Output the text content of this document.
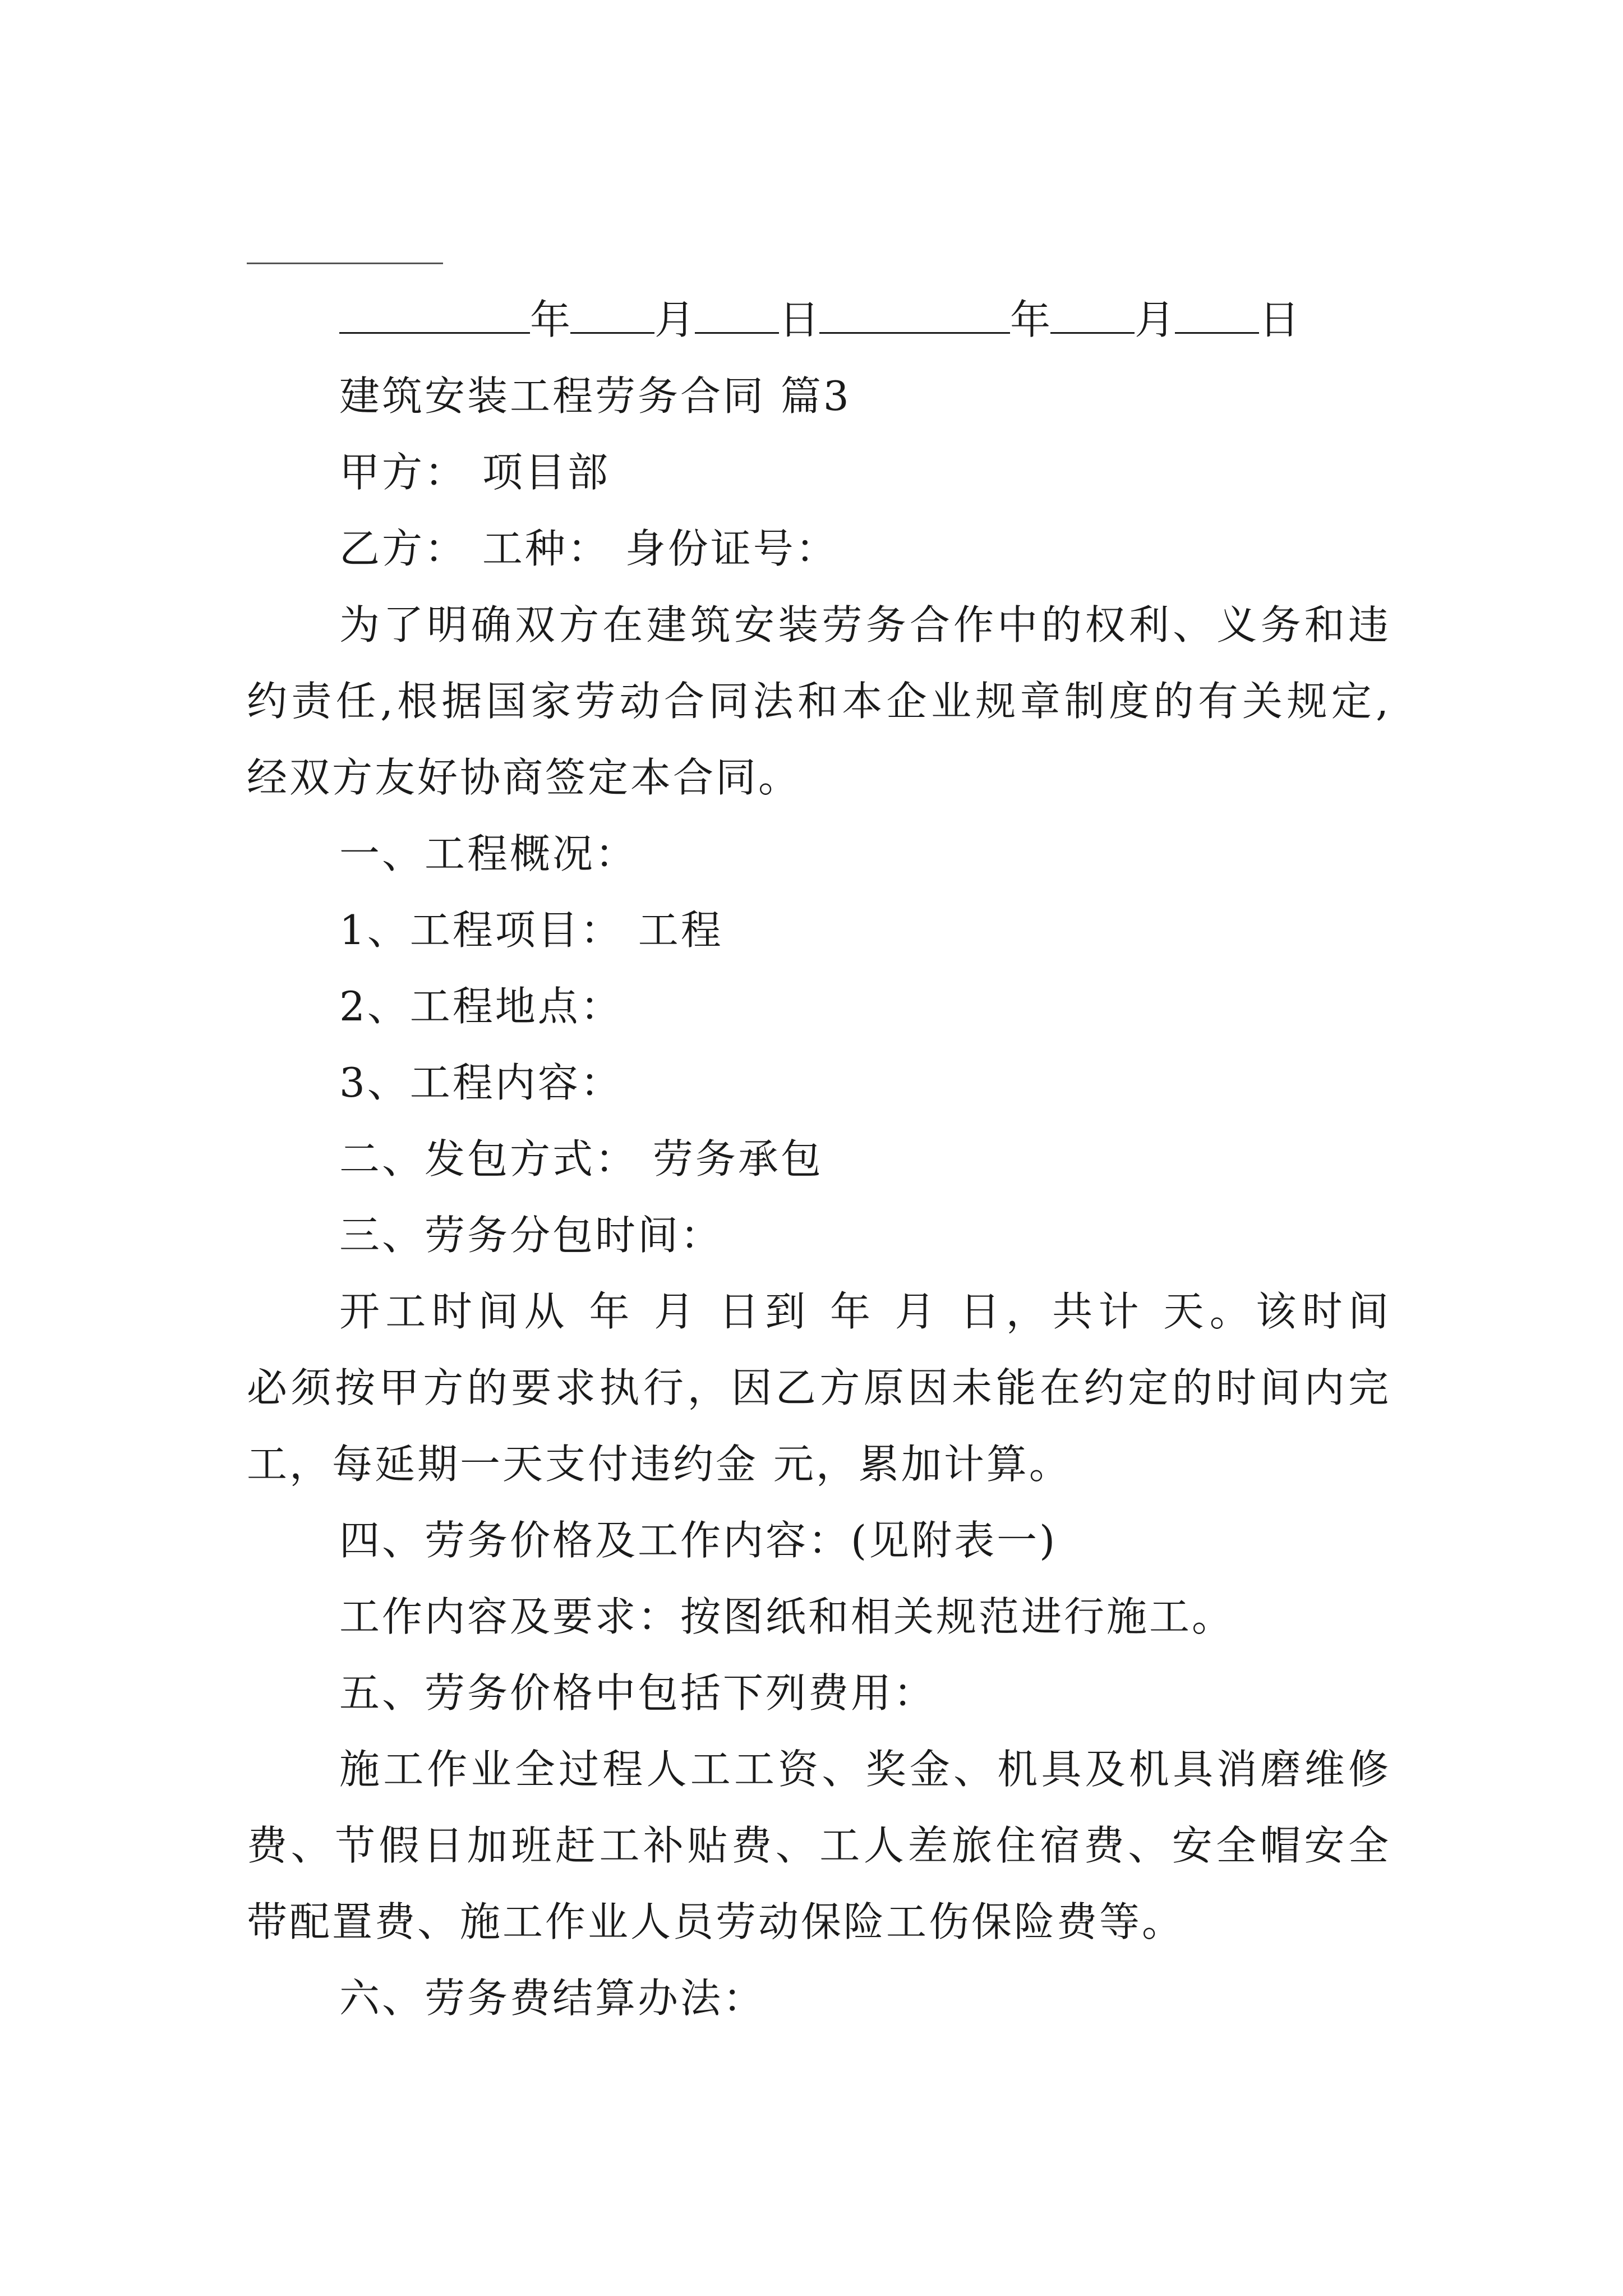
年 月 日	年 月 日
建筑安装工程劳务合同 篇3
甲方： 项目部
乙方： 工种： 身份证号：
为了明确双方在建筑安装劳务合作中的权利、义务和违
约责任,根据国家劳动合同法和本企业规章制度的有关规定,
经双方友好协商签定本合同。
一、工程概况：
1、工程项目： 工程
2、工程地点：
3、工程内容：
二、发包方式： 劳务承包
三、劳务分包时间：
开工时间从 年 月 日到 年 月 日，共计 天。该时间
必须按甲方的要求执行，因乙方原因未能在约定的时间内完
工，每延期一天支付违约金 元，累加计算。
四、劳务价格及工作内容：(见附表一)
工作内容及要求：按图纸和相关规范进行施工。
五、劳务价格中包括下列费用：
施工作业全过程人工工资、奖金、机具及机具消磨维修
费、节假日加班赶工补贴费、工人差旅住宿费、安全帽安全
带配置费、施工作业人员劳动保险工伤保险费等。
六、劳务费结算办法：
